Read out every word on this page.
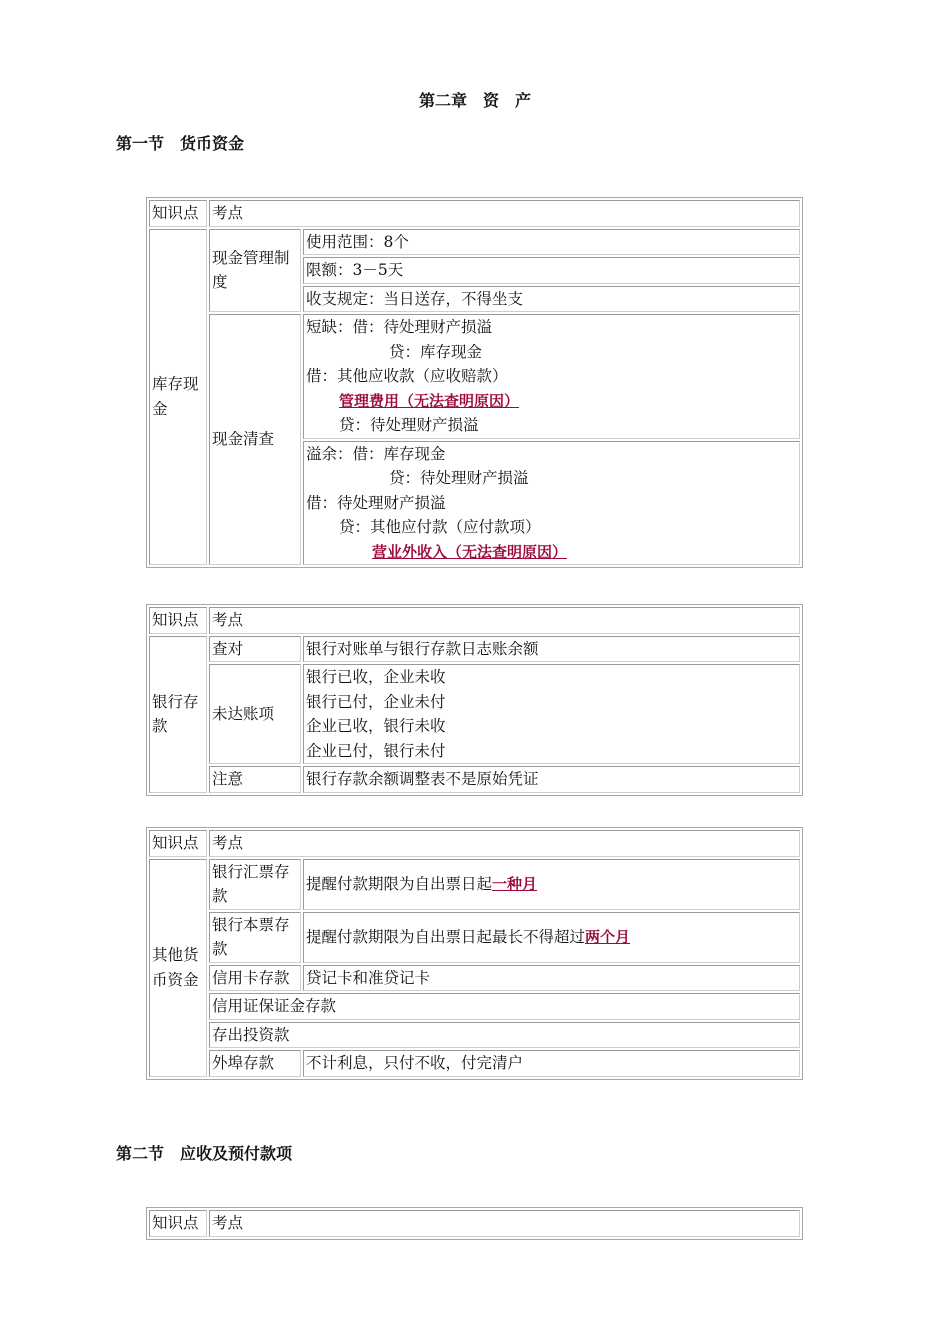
第二章　资　产
第一节　货币资金
知识点	考点	
库存现金	现金管理制度	使用范围：8个
		限额：3－5天
		收支规定：当日送存，不得坐支
	现金清查	短缺：借：待处理财产损溢
贷：库存现金
借：其他应收款（应收赔款）
管理费用（无法查明原因）
贷：待处理财产损溢

		溢余：借：库存现金
贷：待处理财产损溢
借：待处理财产损溢
贷：其他应付款（应付款项）
营业外收入（无法查明原因）
知识点	考点	
银行存款	查对	银行对账单与银行存款日志账余额
	未达账项	银行已收，企业未收
银行已付，企业未付
企业已收，银行未收
企业已付，银行未付

	注意	银行存款余额调整表不是原始凭证
知识点	考点	
其他货币资金	银行汇票存款	提醒付款期限为自出票日起一种月
	银行本票存款	提醒付款期限为自出票日起最长不得超过两个月
	信用卡存款	贷记卡和准贷记卡
	信用证保证金存款	
	存出投资款	
	外埠存款	不计利息，只付不收，付完清户
第二节　应收及预付款项
知识点	考点
